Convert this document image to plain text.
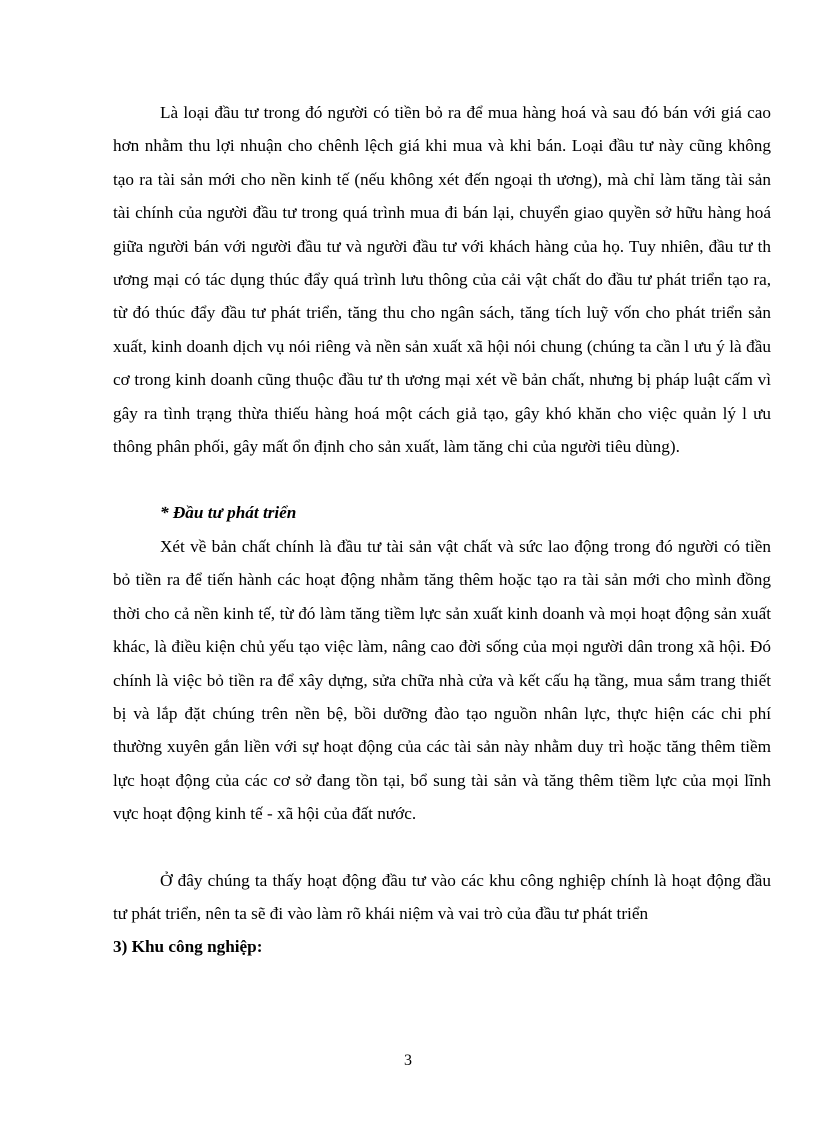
Là loại đầu tư trong đó người có tiền bỏ ra để mua hàng hoá và sau đó bán với giá cao hơn nhằm thu lợi nhuận cho chênh lệch giá khi mua và khi bán. Loại đầu tư này cũng không tạo ra tài sản mới cho nền kinh tế (nếu không xét đến ngoại th ương), mà chỉ làm tăng tài sản tài chính của người đầu tư trong quá trình mua đi bán lại, chuyển giao quyền sở hữu hàng hoá giữa người bán với người đầu tư và người đầu tư với khách hàng của họ. Tuy nhiên, đầu tư th ương mại có tác dụng thúc đẩy quá trình lưu thông của cải vật chất do đầu tư phát triển tạo ra, từ đó thúc đẩy đầu tư phát triển, tăng thu cho ngân sách, tăng tích luỹ vốn cho phát triển sản xuất, kinh doanh dịch vụ nói riêng và nền sản xuất xã hội nói chung (chúng ta cần l ưu ý là đầu cơ trong kinh doanh cũng thuộc đầu tư th ương mại xét về bản chất, nhưng bị pháp luật cấm vì gây ra tình trạng thừa thiếu hàng hoá một cách giả tạo, gây khó khăn cho việc quản lý l ưu thông phân phối, gây mất ổn định cho sản xuất, làm tăng chi của người tiêu dùng).

* Đầu tư phát triển

Xét về bản chất chính là đầu tư tài sản vật chất và sức lao động trong đó người có tiền bỏ tiền ra để tiến hành các hoạt động nhằm tăng thêm hoặc tạo ra tài sản mới cho mình đồng thời cho cả nền kinh tế, từ đó làm tăng tiềm lực sản xuất kinh doanh và mọi hoạt động sản xuất khác, là điều kiện chủ yếu tạo việc làm, nâng cao đời sống của mọi người dân trong xã hội. Đó chính là việc bỏ tiền ra để xây dựng, sửa chữa nhà cửa và kết cấu hạ tầng, mua sắm trang thiết bị và lắp đặt chúng trên nền bệ, bồi dưỡng đào tạo nguồn nhân lực, thực hiện các chi phí thường xuyên gắn liền với sự hoạt động của các tài sản này nhằm duy trì hoặc tăng thêm tiềm lực hoạt động của các cơ sở đang tồn tại, bổ sung tài sản và tăng thêm tiềm lực của mọi lĩnh vực hoạt động kinh tế - xã hội của đất nước.

Ở đây chúng ta thấy hoạt động đầu tư vào các khu công nghiệp chính là hoạt động đầu tư phát triển, nên ta sẽ đi vào làm rõ khái niệm và vai trò của đầu tư phát triển

3) Khu công nghiệp:
3
